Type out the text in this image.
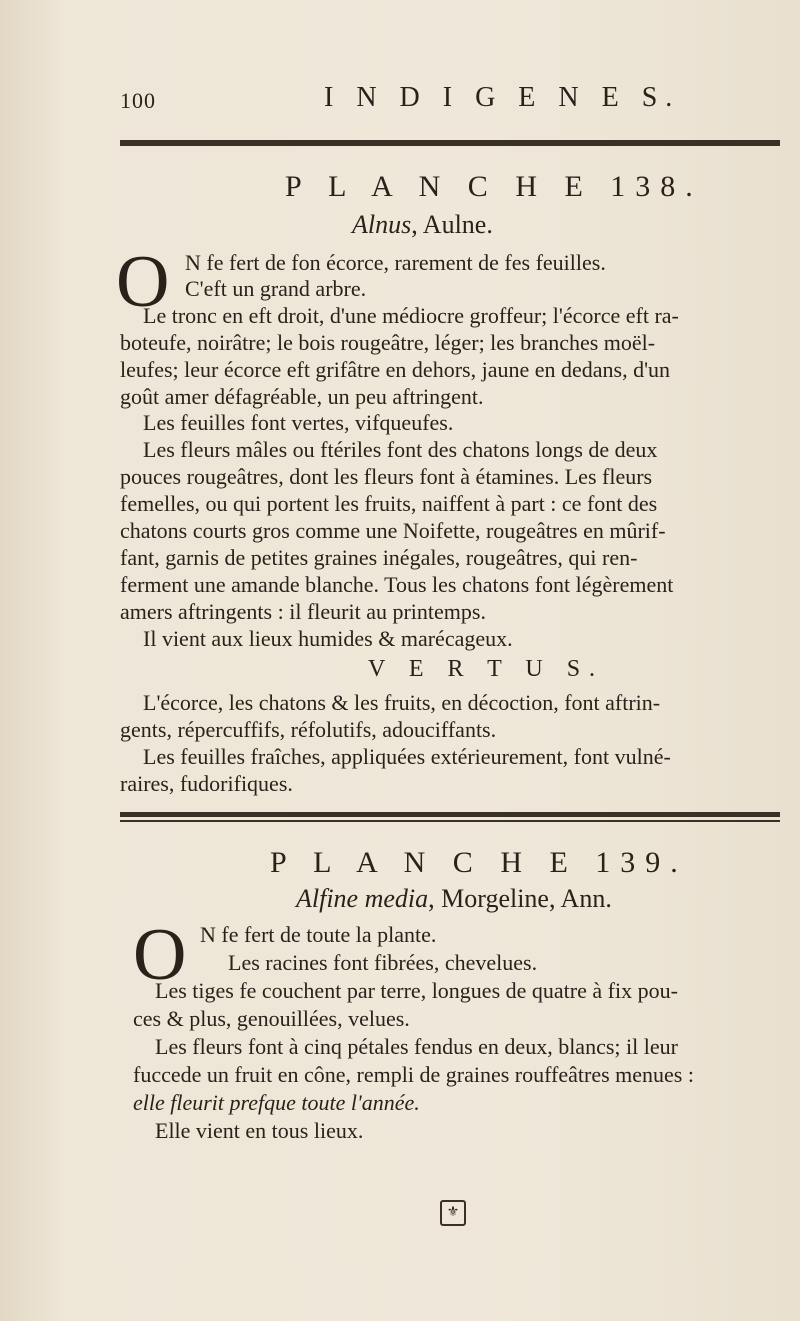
100	I N D I G E N E S.
P L A N C H E 138.
Alnus, Aulne.
O N fe fert de fon écorce, rarement de fes feuilles.
C'eft un grand arbre.
Le tronc en eft droit, d'une médiocre groffeur; l'écorce eft ra-
boteufe, noirâtre; le bois rougeâtre, léger; les branches moël-
leufes; leur écorce eft grifâtre en dehors, jaune en dedans, d'un
goût amer défagréable, un peu aftringent.
Les feuilles font vertes, vifqueufes.
Les fleurs mâles ou ftériles font des chatons longs de deux
pouces rougeâtres, dont les fleurs font à étamines. Les fleurs
femelles, ou qui portent les fruits, naiffent à part : ce font des
chatons courts gros comme une Noifette, rougeâtres en mûrif-
fant, garnis de petites graines inégales, rougeâtres, qui ren-
ferment une amande blanche. Tous les chatons font légèrement
amers aftringents : il fleurit au printemps.
Il vient aux lieux humides & marécageux.
V E R T U S.
L'écorce, les chatons & les fruits, en décoction, font aftrin-
gents, répercuffifs, réfolutifs, adouciffants.
Les feuilles fraîches, appliquées extérieurement, font vulné-
raires, fudorifiques.
P L A N C H E 139.
Alfine media, Morgeline, Ann.
O N fe fert de toute la plante.
Les racines font fibrées, chevelues.
Les tiges fe couchent par terre, longues de quatre à fix pou-
ces & plus, genouillées, velues.
Les fleurs font à cinq pétales fendus en deux, blancs; il leur
fuccede un fruit en cône, rempli de graines rouffeâtres menues :
elle fleurit prefque toute l'année.
Elle vient en tous lieux.
⚜
